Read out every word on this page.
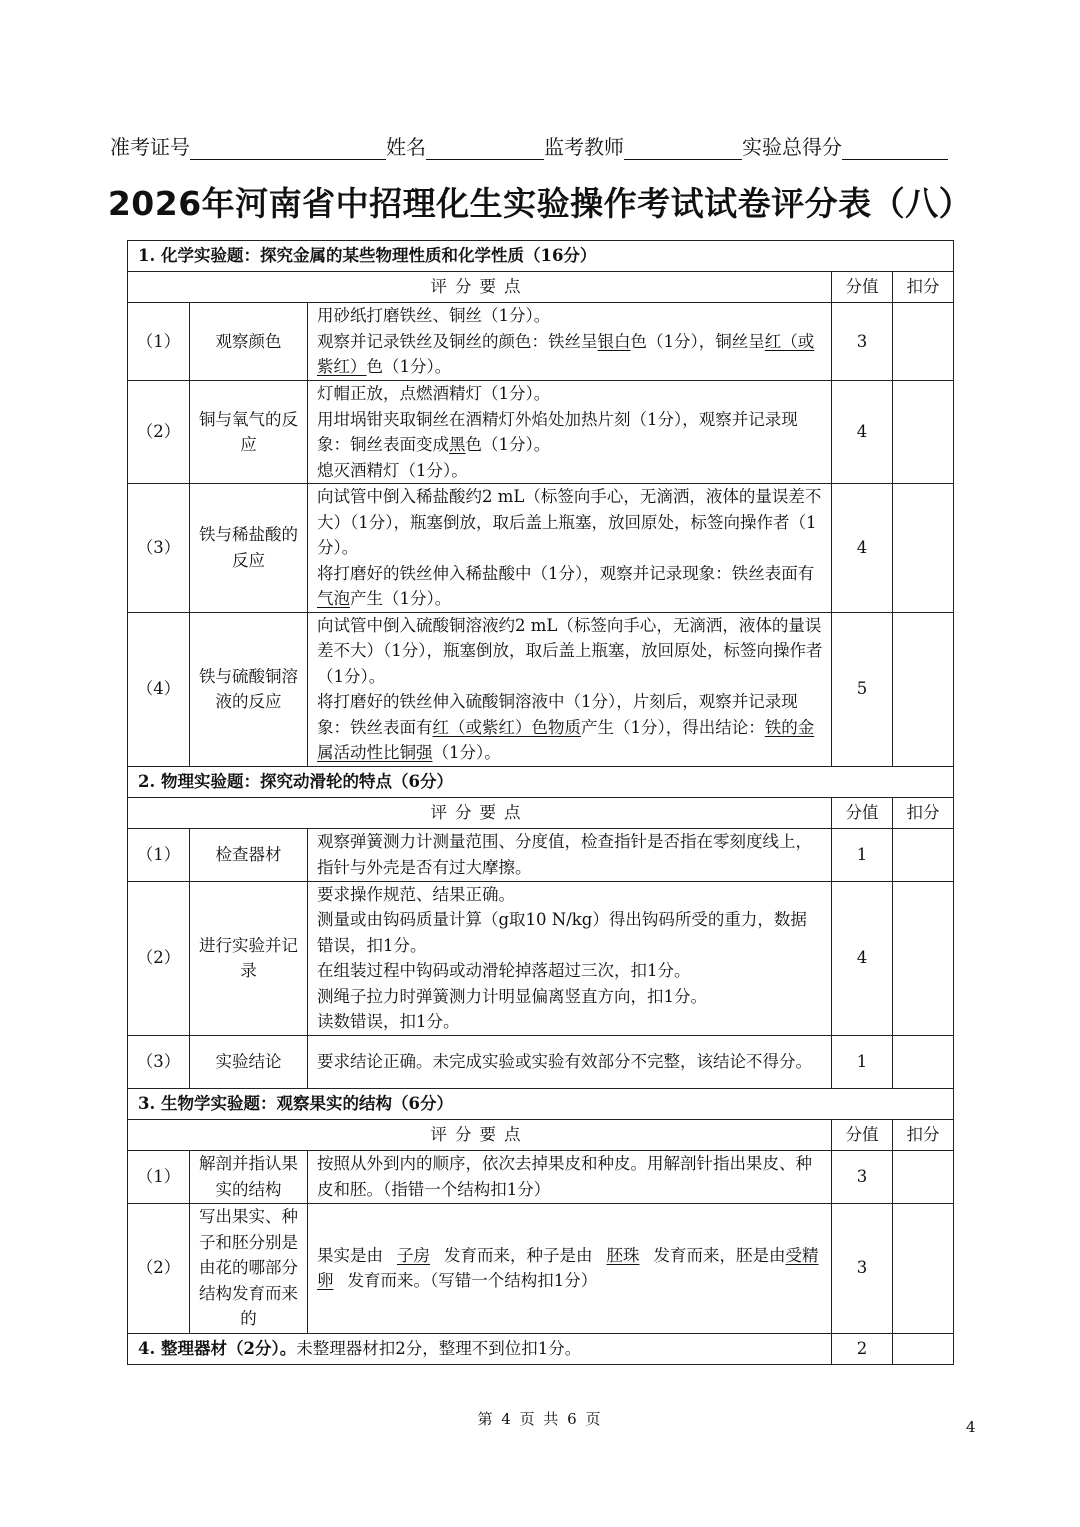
准考证号	姓名	监考教师	实验总得分
2026年河南省中招理化生实验操作考试试卷评分表（八）
1. 化学实验题：探究金属的某些物理性质和化学性质（16分）				
评分要点			分值	扣分
（1）	观察颜色	用砂纸打磨铁丝、铜丝（1分）。
观察并记录铁丝及铜丝的颜色：铁丝呈银白色（1分），铜丝呈红（或紫红）色（1分）。	3	
（2）	铜与氧气的反应	灯帽正放，点燃酒精灯（1分）。
用坩埚钳夹取铜丝在酒精灯外焰处加热片刻（1分），观察并记录现象：铜丝表面变成黑色（1分）。
熄灭酒精灯（1分）。	4	
（3）	铁与稀盐酸的反应	向试管中倒入稀盐酸约2 mL（标签向手心，无滴洒，液体的量误差不大）（1分），瓶塞倒放，取后盖上瓶塞，放回原处，标签向操作者（1分）。
将打磨好的铁丝伸入稀盐酸中（1分），观察并记录现象：铁丝表面有气泡产生（1分）。	4	
（4）	铁与硫酸铜溶液的反应	向试管中倒入硫酸铜溶液约2 mL（标签向手心，无滴洒，液体的量误差不大）（1分），瓶塞倒放，取后盖上瓶塞，放回原处，标签向操作者（1分）。
将打磨好的铁丝伸入硫酸铜溶液中（1分），片刻后，观察并记录现象：铁丝表面有红（或紫红）色物质产生（1分），得出结论：铁的金属活动性比铜强（1分）。	5	
2. 物理实验题：探究动滑轮的特点（6分）				
评分要点			分值	扣分
（1）	检查器材	观察弹簧测力计测量范围、分度值，检查指针是否指在零刻度线上，指针与外壳是否有过大摩擦。	1	
（2）	进行实验并记录	要求操作规范、结果正确。
测量或由钩码质量计算（g取10 N/kg）得出钩码所受的重力，数据错误，扣1分。
在组装过程中钩码或动滑轮掉落超过三次，扣1分。
测绳子拉力时弹簧测力计明显偏离竖直方向，扣1分。
读数错误，扣1分。	4	
（3）	实验结论	要求结论正确。未完成实验或实验有效部分不完整，该结论不得分。	1	
3. 生物学实验题：观察果实的结构（6分）				
评分要点			分值	扣分
（1）	解剖并指认果实的结构	按照从外到内的顺序，依次去掉果皮和种皮。用解剖针指出果皮、种皮和胚。（指错一个结构扣1分）	3	
（2）	写出果实、种子和胚分别是由花的哪部分结构发育而来的	果实是由 子房 发育而来，种子是由 胚珠 发育而来，胚是由受精卵 发育而来。（写错一个结构扣1分）	3	
4. 整理器材（2分）。未整理器材扣2分，整理不到位扣1分。			2	
第 4 页 共 6 页	4
